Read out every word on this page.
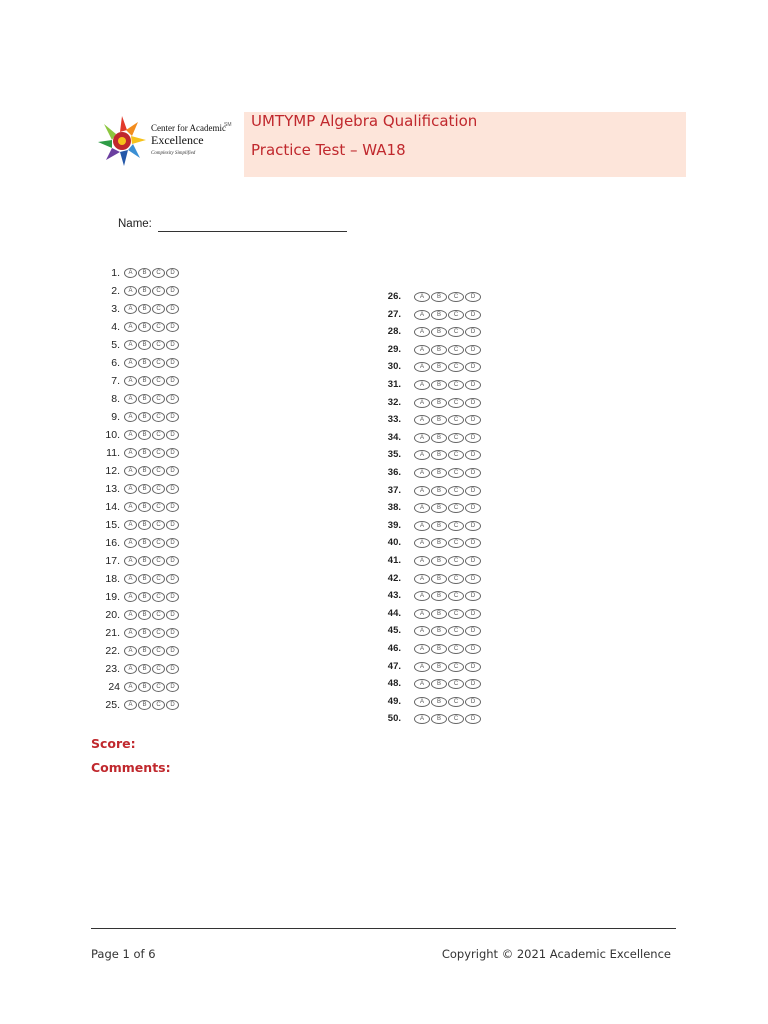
UMTYMP Algebra Qualification
Practice Test – WA18
Center for Academic
SM
Excellence
Complexity Simplified
Name:
1.	A	B	C	D
2.	A	B	C	D
3.	A	B	C	D
4.	A	B	C	D
5.	A	B	C	D
6.	A	B	C	D
7.	A	B	C	D
8.	A	B	C	D
9.	A	B	C	D
10.	A	B	C	D
11.	A	B	C	D
12.	A	B	C	D
13.	A	B	C	D
14.	A	B	C	D
15.	A	B	C	D
16.	A	B	C	D
17.	A	B	C	D
18.	A	B	C	D
19.	A	B	C	D
20.	A	B	C	D
21.	A	B	C	D
22.	A	B	C	D
23.	A	B	C	D
24	A	B	C	D
25.	A	B	C	D
26.	A	B	C	D
27.	A	B	C	D
28.	A	B	C	D
29.	A	B	C	D
30.	A	B	C	D
31.	A	B	C	D
32.	A	B	C	D
33.	A	B	C	D
34.	A	B	C	D
35.	A	B	C	D
36.	A	B	C	D
37.	A	B	C	D
38.	A	B	C	D
39.	A	B	C	D
40.	A	B	C	D
41.	A	B	C	D
42.	A	B	C	D
43.	A	B	C	D
44.	A	B	C	D
45.	A	B	C	D
46.	A	B	C	D
47.	A	B	C	D
48.	A	B	C	D
49.	A	B	C	D
50.	A	B	C	D
Score:
Comments:
Page 1 of 6	Copyright © 2021 Academic Excellence
